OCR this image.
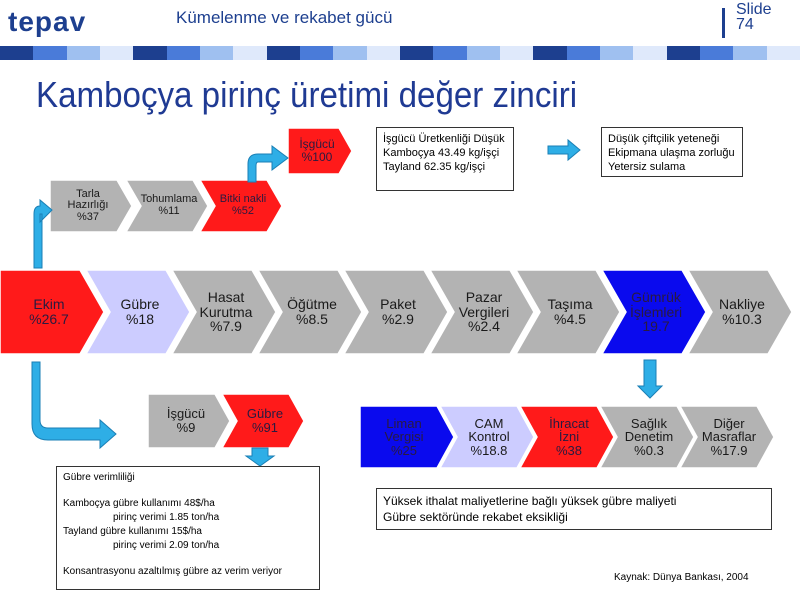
tepav	Kümelenme ve rekabet gücü	Slide
74
Kamboçya pirinç üretimi değer zinciri
Ekim
%26.7
Gübre
%18
Hasat
Kurutma
%7.9
Öğütme
%8.5
Paket
%2.9
Pazar
Vergileri
%2.4
Taşıma
%4.5
Gümrük
İşlemleri
19.7
Nakliye
%10.3
Tarla
Hazırlığı
%37
Tohumlama
%11
Bitki nakli
%52
İşgücü
%100
İşgücü
%9
Gübre
%91	Liman
Vergisi
%25
CAM
Kontrol
%18.8
İhracat
İzni
%38
Sağlık
Denetim
%0.3
Diğer
Masraflar
%17.9
İşgücü Üretkenliği Düşük
Kamboçya 43.49 kg/işçi
Tayland 62.35 kg/işçi
Düşük çiftçilik yeteneği
Ekipmana ulaşma zorluğu
Yetersiz sulama
Gübre verimliliği
Kamboçya gübre kullanımı 48$/ha
pirinç verimi 1.85 ton/ha
Tayland gübre kullanımı 15$/ha
pirinç verimi 2.09 ton/ha
Konsantrasyonu azaltılmış gübre az verim veriyor
Yüksek ithalat maliyetlerine bağlı yüksek gübre maliyeti
Gübre sektöründe rekabet eksikliği
Kaynak: Dünya Bankası, 2004
